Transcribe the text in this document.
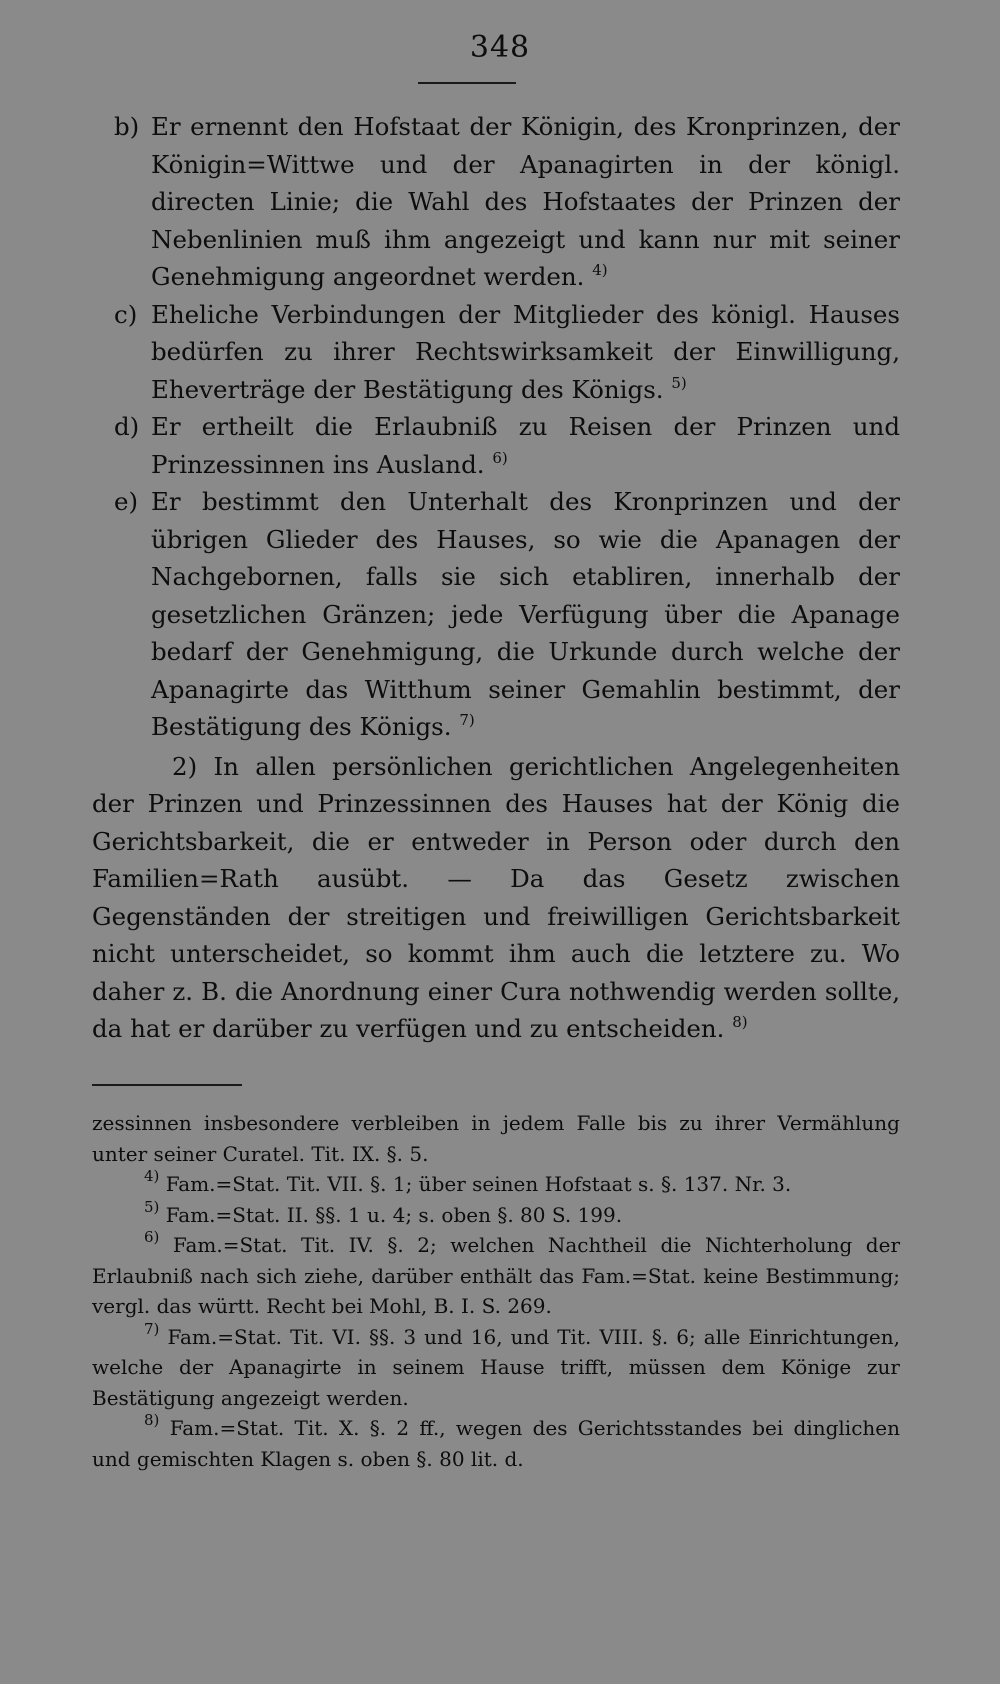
348
b) Er ernennt den Hofstaat der Königin, des Kronprinzen, der Königin=Wittwe und der Apanagirten in der königl. directen Linie; die Wahl des Hofstaates der Prinzen der Nebenlinien muß ihm angezeigt und kann nur mit seiner Genehmigung angeordnet werden. $^{4)}$
c) Eheliche Verbindungen der Mitglieder des königl. Hauses bedürfen zu ihrer Rechtswirksamkeit der Einwilligung, Eheverträge der Bestätigung des Königs. $^{5)}$
d) Er ertheilt die Erlaubniß zu Reisen der Prinzen und Prinzessinnen ins Ausland. $^{6)}$
e) Er bestimmt den Unterhalt des Kronprinzen und der übrigen Glieder des Hauses, so wie die Apanagen der Nachgebornen, falls sie sich etabliren, innerhalb der gesetzlichen Gränzen; jede Verfügung über die Apanage bedarf der Genehmigung, die Urkunde durch welche der Apanagirte das Witthum seiner Gemahlin bestimmt, der Bestätigung des Königs. $^{7)}$
2) In allen persönlichen gerichtlichen Angelegenheiten der Prinzen und Prinzessinnen des Hauses hat der König die Gerichtsbarkeit, die er entweder in Person oder durch den Familien=Rath ausübt. — Da das Gesetz zwischen Gegenständen der streitigen und freiwilligen Gerichtsbarkeit nicht unterscheidet, so kommt ihm auch die letztere zu. Wo daher z. B. die Anordnung einer Cura nothwendig werden sollte, da hat er darüber zu verfügen und zu entscheiden. $^{8)}$
zessinnen insbesondere verbleiben in jedem Falle bis zu ihrer Vermählung unter seiner Curatel. Tit. IX. §. 5.
$^{4)}$ Fam.=Stat. Tit. VII. §. 1; über seinen Hofstaat s. §. 137. Nr. 3.
$^{5)}$ Fam.=Stat. II. §§. 1 u. 4; s. oben §. 80 S. 199.
$^{6)}$ Fam.=Stat. Tit. IV. §. 2; welchen Nachtheil die Nichterholung der Erlaubniß nach sich ziehe, darüber enthält das Fam.=Stat. keine Bestimmung; vergl. das württ. Recht bei Mohl, B. I. S. 269.
$^{7)}$ Fam.=Stat. Tit. VI. §§. 3 und 16, und Tit. VIII. §. 6; alle Einrichtungen, welche der Apanagirte in seinem Hause trifft, müssen dem Könige zur Bestätigung angezeigt werden.
$^{8)}$ Fam.=Stat. Tit. X. §. 2 ff., wegen des Gerichtsstandes bei dinglichen und gemischten Klagen s. oben §. 80 lit. d.
